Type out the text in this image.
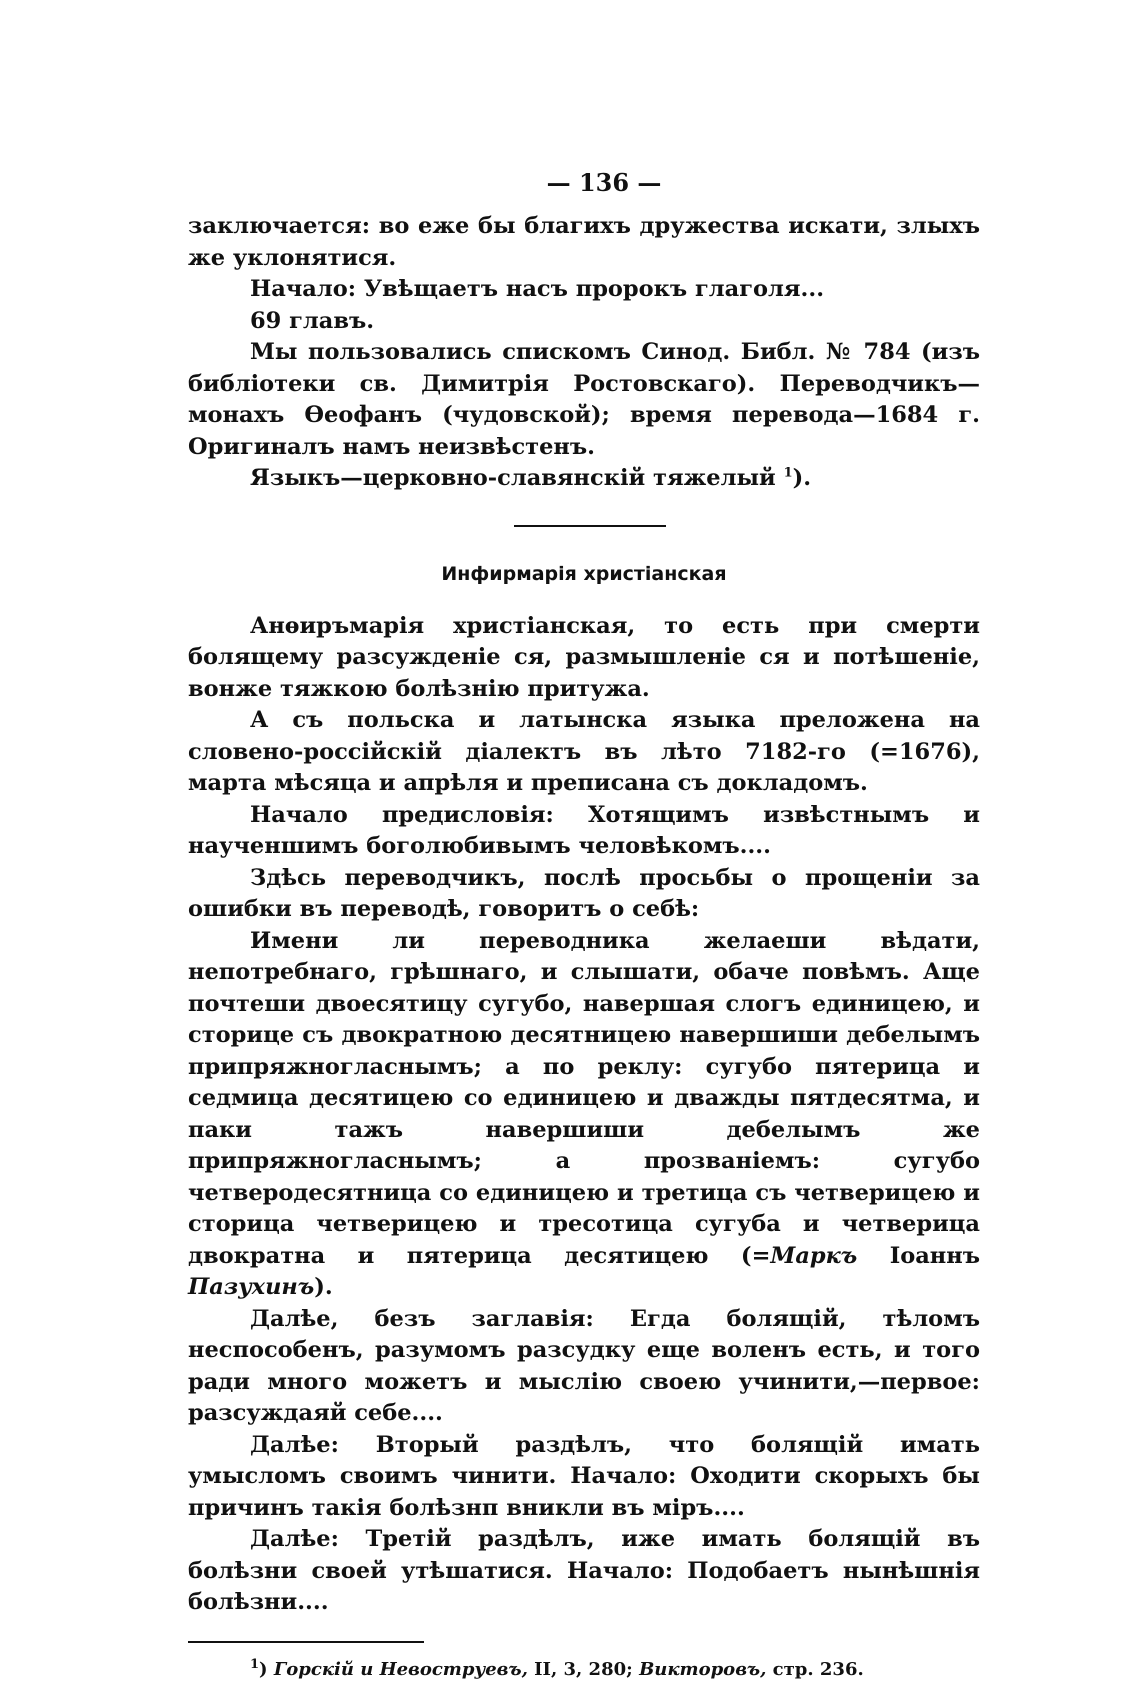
— 136 —

заключается: во еже бы благихъ дружества искати, злыхъ же уклонятися.

Начало: Увѣщаетъ насъ пророкъ глаголя...

69 главъ.

Мы пользовались спискомъ Синод. Библ. № 784 (изъ библіотеки св. Димитрія Ростовскаго). Переводчикъ—монахъ Ѳеофанъ (чудовской); время перевода—1684 г. Оригиналъ намъ неизвѣстенъ.

Языкъ—церковно-славянскій тяжелый $^1$).

Инфирмарія христіанская

Анѳиръмарія христіанская, то есть при смерти болящему разсужденіе ся, размышленіе ся и потѣшеніе, вонже тяжкою болѣзнію притужа.

А съ польска и латынска языка преложена на словено-россійскій діалектъ въ лѣто 7182-го (=1676), марта мѣсяца и апрѣля и преписана съ докладомъ.

Начало предисловія: Хотящимъ извѣстнымъ и наученшимъ боголюбивымъ человѣкомъ....

Здѣсь переводчикъ, послѣ просьбы о прощеніи за ошибки въ переводѣ, говоритъ о себѣ:

Имени ли переводника желаеши вѣдати, непотребнаго, грѣшнаго, и слышати, обаче повѣмъ. Аще почтеши двоесятицу сугубо, навершая слогъ единицею, и сторице съ двократною десятницею навершиши дебелымъ припряжногласнымъ; а по реклу: сугубо пятерица и седмица десятицею со единицею и дважды пятдесятма, и паки тажъ навершиши дебелымъ же припряжногласнымъ; а прозваніемъ: сугубо четверодесятница со единицею и третица съ четверицею и сторица четверицею и тресотица сугуба и четверица двократна и пятерица десятицею (=Маркъ Іоаннъ Пазухинъ).

Далѣе, безъ заглавія: Егда болящій, тѣломъ неспособенъ, разумомъ разсудку еще воленъ есть, и того ради много можетъ и мыслію своею учинити,—первое: разсуждаяй себе....

Далѣе: Вторый раздѣлъ, что болящій имать умысломъ своимъ чинити. Начало: Оходити скорыхъ бы причинъ такія болѣзнп вникли въ міръ....

Далѣе: Третій раздѣлъ, иже имать болящій въ болѣзни своей утѣшатися. Начало: Подобаетъ нынѣшнія болѣзни....

$^1$) Горскій и Невоструевъ, II, 3, 280; Викторовъ, стр. 236.
